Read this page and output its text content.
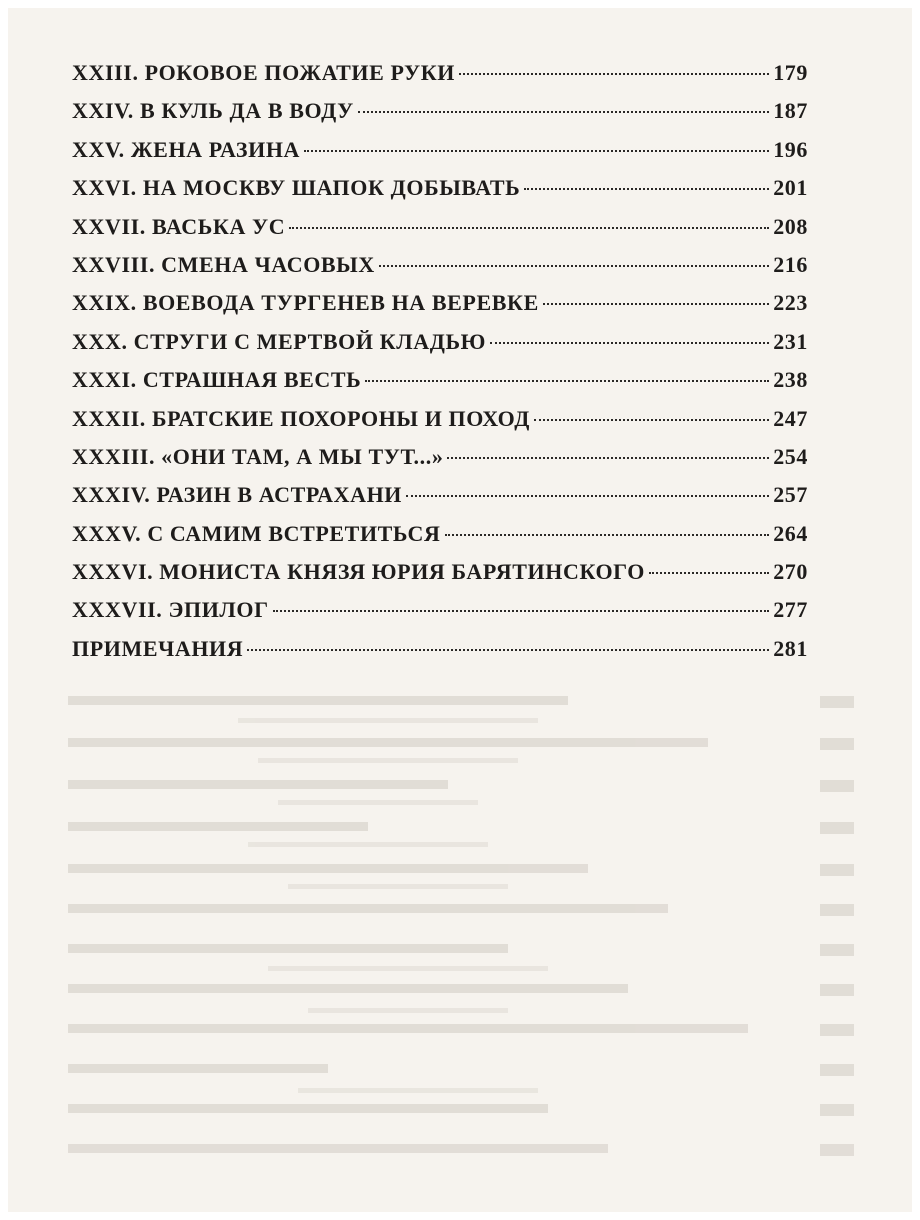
XXIII. РОКОВОЕ ПОЖАТИЕ РУКИ	179
XXIV. В КУЛЬ ДА В ВОДУ	187
XXV. ЖЕНА РАЗИНА	196
XXVI. НА МОСКВУ ШАПОК ДОБЫВАТЬ	201
XXVII. ВАСЬКА УС	208
XXVIII. СМЕНА ЧАСОВЫХ	216
XXIX. ВОЕВОДА ТУРГЕНЕВ НА ВЕРЕВКЕ	223
XXX. СТРУГИ С МЕРТВОЙ КЛАДЬЮ	231
XXXI. СТРАШНАЯ ВЕСТЬ	238
XXXII. БРАТСКИЕ ПОХОРОНЫ И ПОХОД	247
XXXIII. «ОНИ ТАМ, А МЫ ТУТ...»	254
XXXIV. РАЗИН В АСТРАХАНИ	257
XXXV. С САМИМ ВСТРЕТИТЬСЯ	264
XXXVI. МОНИСТА КНЯЗЯ ЮРИЯ БАРЯТИНСКОГО	270
XXXVII. ЭПИЛОГ	277
ПРИМЕЧАНИЯ	281
